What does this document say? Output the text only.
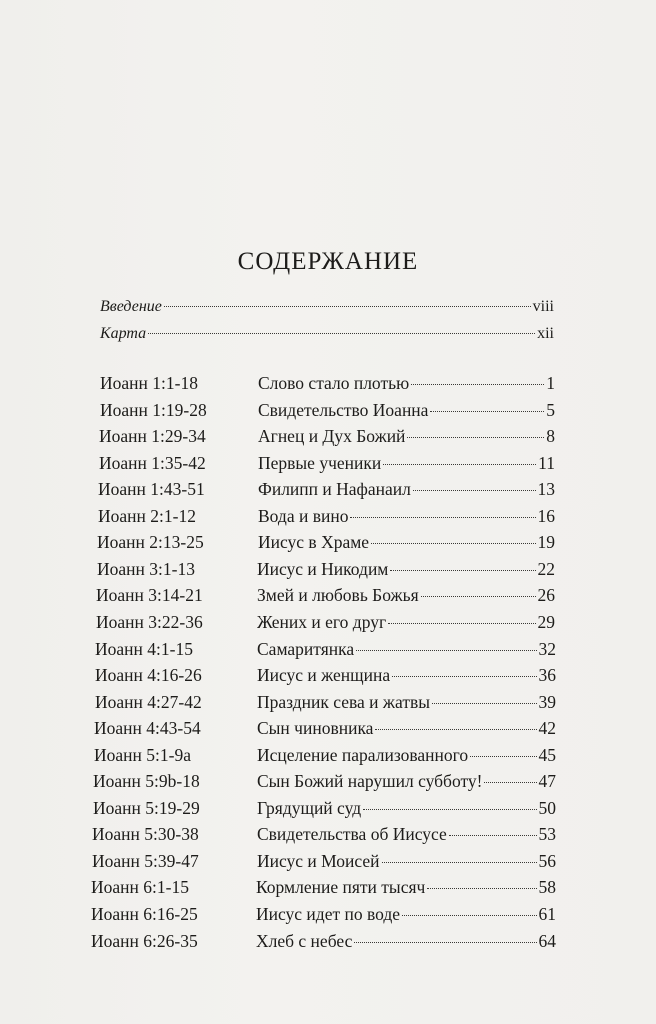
СОДЕРЖАНИЕ
Введение	viii
Карта	xii
Иоанн 1:1-18	Слово стало плотью	1
Иоанн 1:19-28	Свидетельство Иоанна	5
Иоанн 1:29-34	Агнец и Дух Божий	8
Иоанн 1:35-42	Первые ученики	11
Иоанн 1:43-51	Филипп и Нафанаил	13
Иоанн 2:1-12	Вода и вино	16
Иоанн 2:13-25	Иисус в Храме	19
Иоанн 3:1-13	Иисус и Никодим	22
Иоанн 3:14-21	Змей и любовь Божья	26
Иоанн 3:22-36	Жених и его друг	29
Иоанн 4:1-15	Самаритянка	32
Иоанн 4:16-26	Иисус и женщина	36
Иоанн 4:27-42	Праздник сева и жатвы	39
Иоанн 4:43-54	Сын чиновника	42
Иоанн 5:1-9a	Исцеление парализованного	45
Иоанн 5:9b-18	Сын Божий нарушил субботу!	47
Иоанн 5:19-29	Грядущий суд	50
Иоанн 5:30-38	Свидетельства об Иисусе	53
Иоанн 5:39-47	Иисус и Моисей	56
Иоанн 6:1-15	Кормление пяти тысяч	58
Иоанн 6:16-25	Иисус идет по воде	61
Иоанн 6:26-35	Хлеб с небес	64
